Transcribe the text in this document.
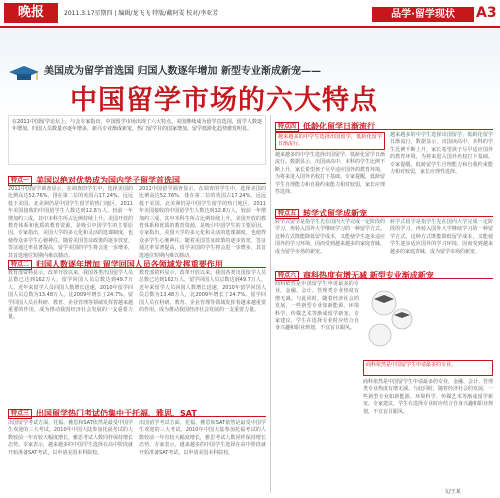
晚报	2011.3.17星期四 | 编辑/龙飞飞 特版/戴阿雯 校对/李亚芳	品学·留学现状	A3
美国成为留学首选国 归国人数逐年增加 新型专业渐成新宠——
中国留学市场的六大特点
在2011中国留学论坛上，与会专家指出，中国留学市场出现了六大特点。美国继续成为留学首选国，留学人数逐年增加，归国人员数量亦逐年增多，新兴专业渐成新宠，热门留学目的国家增加，留学低龄化趋势愈发明显。
特点一 美国以绝对优势成为国内学子留学首选国
2011中国留学调查显示，在调查的学生中，选择美国的比例高达52.76%，排在第二位的英国占17.24%，远远低于美国。北美洲仍是中国学生留学的热门地区，2011年美国接收的中国留学生人数达到12.8万人，较前一年增加约三成，其中本科生所占比例持续上升。美国开放的教育体系和优质的教育资源，是吸引中国学生的主要原因。专家指出，美国大学的多元化和灵活的选课制度，也使得众多学生心驰神往。随着美国签证政策的逐步放宽，签证通过率显著提高，留学美国的学生将会进一步增多，其首选地位短期内难以撼动。
2011中国留学调查显示，在调查的学生中，选择美国的比例高达52.76%，排在第二位的英国占17.24%，远远低于美国。北美洲仍是中国学生留学的热门地区，2011年美国接收的中国留学生人数达到12.8万人，较前一年增加约三成，其中本科生所占比例持续上升。美国开放的教育体系和优质的教育资源，是吸引中国学生的主要原因。专家指出，美国大学的多元化和灵活的选课制度，也使得众多学生心驰神往。随着美国签证政策的逐步放宽，签证通过率显著提高，留学美国的学生将会进一步增多，其首选地位短期内难以撼动。
特点二 归国人数逐年增加 留学回国人员各领域发挥重要作用
教育部资料显示，改革开放以来，我国各类出国留学人员总数已达到162万人，留学回国人员总数达到49.7万人。近年来留学人员回国人数增长迅速，2010年留学回国人员总数为13.48万人，比2009年增长了24.7%。留学回国人员在科研、教育、企业管理等领域发挥着越来越重要的作用，成为推动我国经济社会发展的一支重要力量。
教育部资料显示，改革开放以来，我国各类出国留学人员总数已达到162万人，留学回国人员总数达到49.7万人。近年来留学人员回国人数增长迅速，2010年留学回国人员总数为13.48万人，比2009年增长了24.7%。留学回国人员在科研、教育、企业管理等领域发挥着越来越重要的作用，成为推动我国经济社会发展的一支重要力量。
特点三 出国留学热门考试仍集中于托福、雅思、SAT
出国留学考试方面，托福、雅思和SAT依然是最受中国学生欢迎的三大考试。2010年中国大陆参加托福考试的人数较前一年有较大幅度增长，雅思考试人数同样保持增长态势。专家表示，越来越多的中国学生选择在高中阶段就开始准备SAT考试，以申请美国本科院校。
出国留学考试方面，托福、雅思和SAT依然是最受中国学生欢迎的三大考试。2010年中国大陆参加托福考试的人数较前一年有较大幅度增长，雅思考试人数同样保持增长态势。专家表示，越来越多的中国学生选择在高中阶段就开始准备SAT考试，以申请美国本科院校。
特点四 低龄化留学日渐流行
越来越多的中学生选择出国留学，低龄化留学日渐流行。
越来越多的中学生选择出国留学，低龄化留学日渐流行。数据显示，出国读高中、本科的学生比例不断上升，家长希望孩子尽早适应国外的教育环境，为将来进入国外名校打下基础。专家提醒，低龄留学生自理能力和自我约束能力相对较弱，家长应理性选择。
越来越多的中学生选择出国留学，低龄化留学日渐流行。数据显示，出国读高中、本科的学生比例不断上升，家长希望孩子尽早适应国外的教育环境，为将来进入国外名校打下基础。专家提醒，低龄留学生自理能力和自我约束能力相对较弱，家长应理性选择。
特点五 转学式留学成新宠
转学式留学是指学生先在国内大学完成一定阶段的学习，再转入国外大学继续学习的一种留学方式。这种方式既能降低留学成本，又能使学生逐步适应国外的学习环境，因而受到越来越多的家庭青睐，成为留学市场的新宠。
转学式留学是指学生先在国内大学完成一定阶段的学习，再转入国外大学继续学习的一种留学方式。这种方式既能降低留学成本，又能使学生逐步适应国外的学习环境，因而受到越来越多的家庭青睐，成为留学市场的新宠。
特点六 商科热度有增无减 新型专业渐成新宠
商科依然是中国留学生申请最多的专业，金融、会计、管理类专业热度有增无减。与此同时，随着经济社会的发展，一些新型专业如新能源、环境科学、传媒艺术等渐成留学新宠。专家建议，学生在选择专业时应结合自身兴趣和职业规划，不宜盲目跟风。
商科依然是中国留学生申请最多的专业。
商科依然是中国留学生申请最多的专业，金融、会计、管理类专业热度有增无减。与此同时，随着经济社会的发展，一些新型专业如新能源、环境科学、传媒艺术等渐成留学新宠。专家建议，学生在选择专业时应结合自身兴趣和职业规划，不宜盲目跟风。
文/王某
